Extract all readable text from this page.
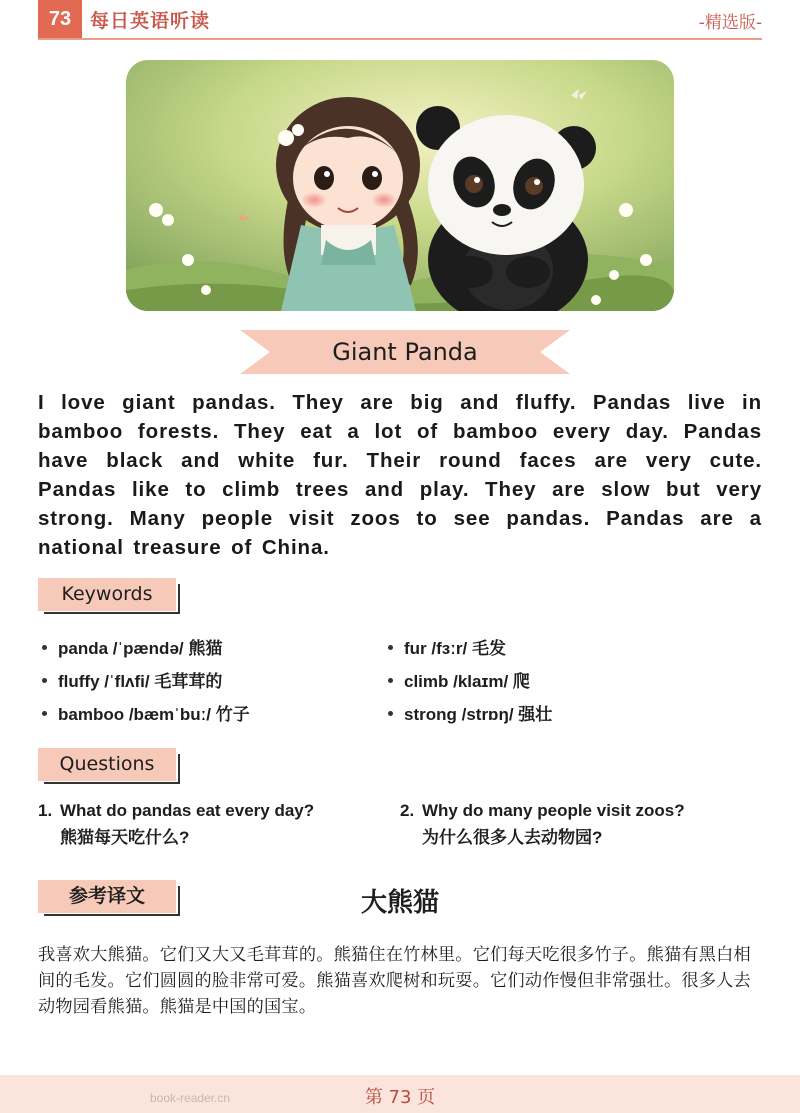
73 每日英语听读	-精选版-
Giant Panda
I love giant pandas. They are big and fluffy. Pandas live in bamboo forests. They eat a lot of bamboo every day. Pandas have black and white fur. Their round faces are very cute. Pandas like to climb trees and play. They are slow but very strong. Many people visit zoos to see pandas. Pandas are a national treasure of China.
Keywords
panda /ˈpændə/ 熊猫	fur /fɜːr/ 毛发
fluffy /ˈflʌfi/ 毛茸茸的	climb /klaɪm/ 爬
bamboo /bæmˈbuː/ 竹子	strong /strɒŋ/ 强壮
Questions
1. What do pandas eat every day?
熊猫每天吃什么?
2. Why do many people visit zoos?
为什么很多人去动物园?
参考译文	大熊猫
我喜欢大熊猫。它们又大又毛茸茸的。熊猫住在竹林里。它们每天吃很多竹子。熊猫有黑白相间的毛发。它们圆圆的脸非常可爱。熊猫喜欢爬树和玩耍。它们动作慢但非常强壮。很多人去动物园看熊猫。熊猫是中国的国宝。
book-reader.cn	第 73 页
